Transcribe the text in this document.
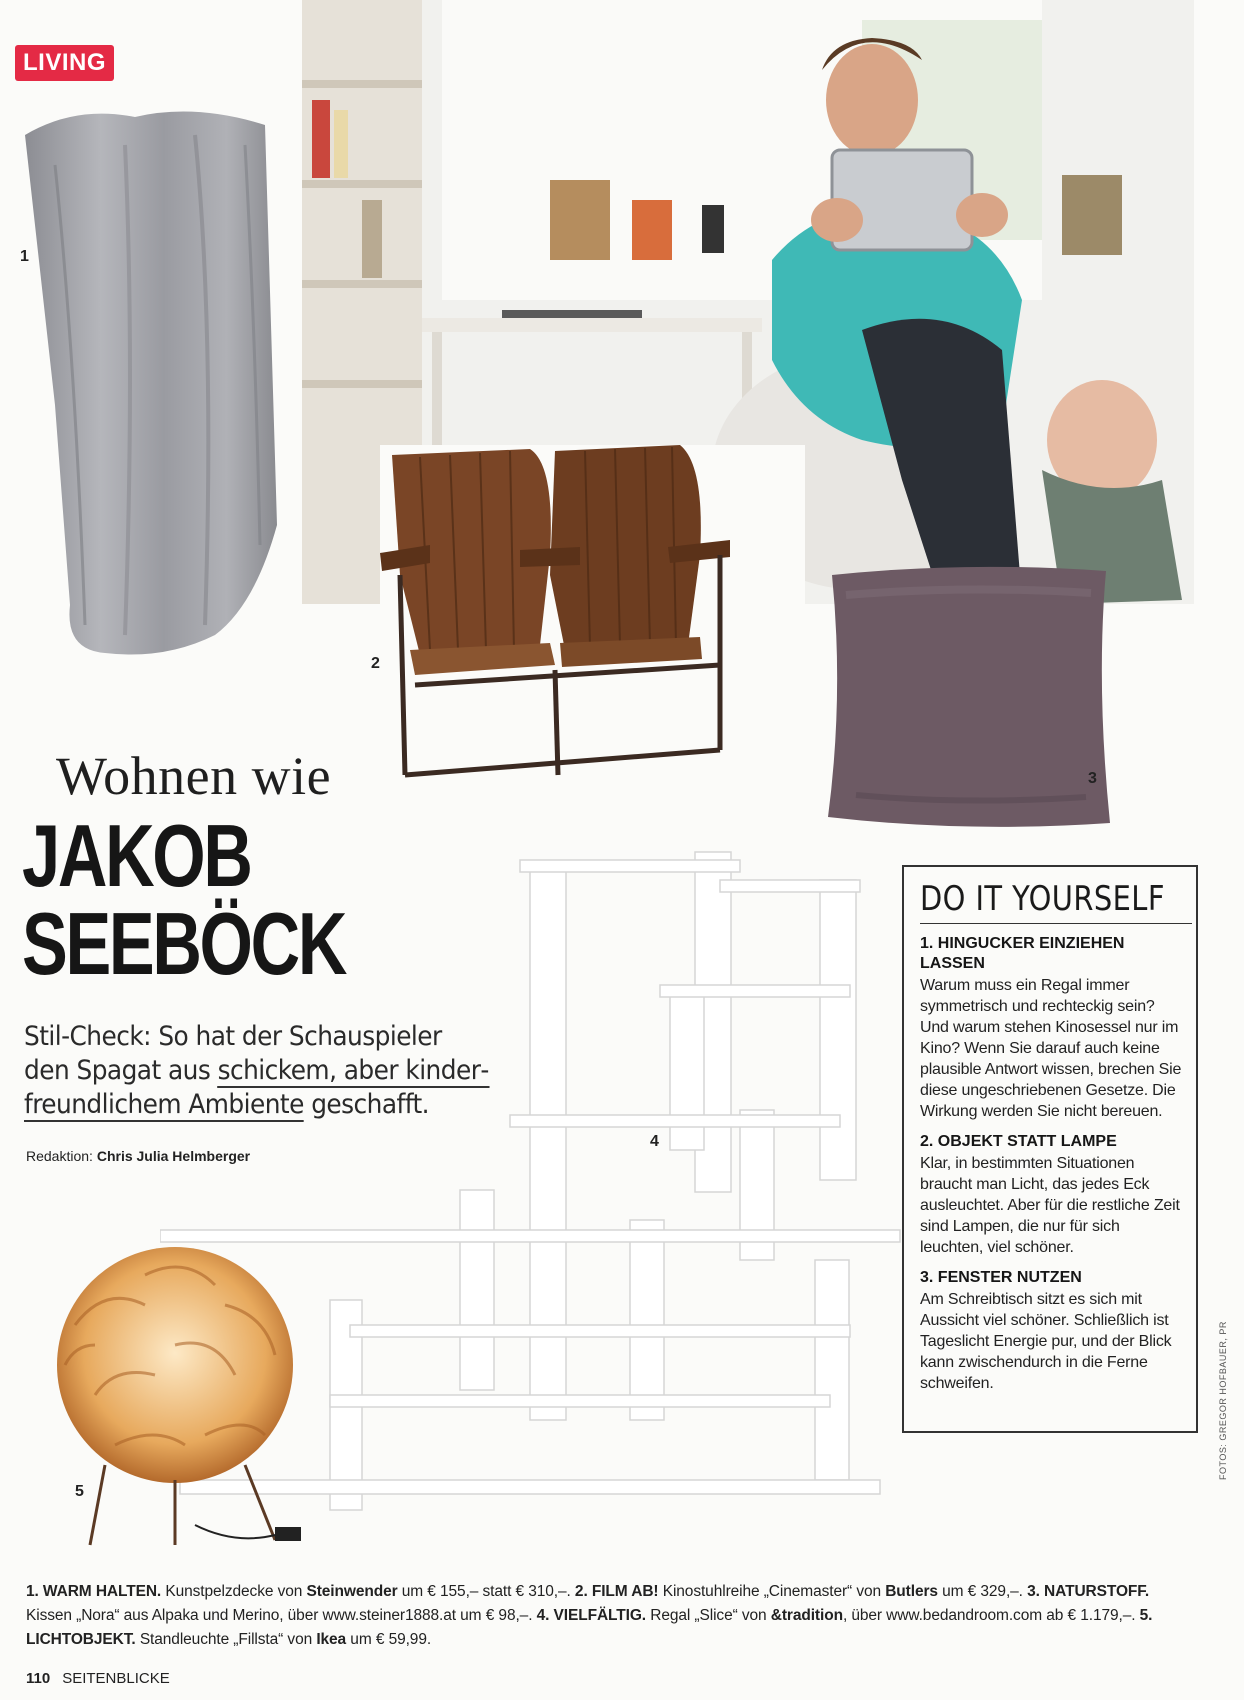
LIVING
1
2
3
Wohnen wie
JAKOB
SEEBÖCK
Stil-Check: So hat der Schauspieler den Spagat aus schickem, aber kinderfreundlichem Ambiente geschafft.
Redaktion: Chris Julia Helmberger
4
5
DO IT YOURSELF
1. HINGUCKER EINZIEHEN LASSEN
Warum muss ein Regal immer symmetrisch und rechteckig sein? Und warum stehen Kinosessel nur im Kino? Wenn Sie darauf auch keine plausible Antwort wissen, brechen Sie diese ungeschriebenen Gesetze. Die Wirkung werden Sie nicht bereuen.
2. OBJEKT STATT LAMPE
Klar, in bestimmten Situationen braucht man Licht, das jedes Eck ausleuchtet. Aber für die restliche Zeit sind Lampen, die nur für sich leuchten, viel schöner.
3. FENSTER NUTZEN
Am Schreibtisch sitzt es sich mit Aussicht viel schöner. Schließlich ist Tageslicht Energie pur, und der Blick kann zwischendurch in die Ferne schweifen.
1. WARM HALTEN. Kunstpelzdecke von Steinwender um € 155,– statt € 310,–. 2. FILM AB! Kinostuhlreihe „Cinemaster“ von Butlers um € 329,–. 3. NATURSTOFF. Kissen „Nora“ aus Alpaka und Merino, über www.steiner1888.at um € 98,–. 4. VIELFÄLTIG. Regal „Slice“ von &tradition, über www.bedandroom.com ab € 1.179,–. 5. LICHTOBJEKT. Standleuchte „Fillsta“ von Ikea um € 59,99.
110 SEITENBLICKE
FOTOS: GREGOR HOFBAUER, PR
